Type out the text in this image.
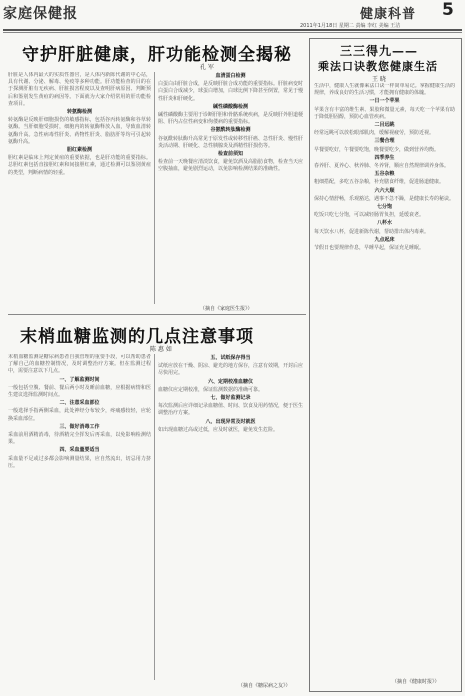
家庭保健报	健康科普 5
2011年1月18日 星期二 责编 李红 美编 王洁
守护肝脏健康，肝功能检测全揭秘
孔 军
肝脏是人体内最大的实质性器官，是人体内新陈代谢的中心站，具有代谢、分泌、解毒、免疫等多种功能。肝功能检查的目的在于探测肝脏有无疾病、肝脏损害程度以及查明肝病原因、判断预后和鉴别发生黄疸的病因等。下面就为大家介绍常用的肝功能检查项目。
转氨酶检测
转氨酶是反映肝细胞损伤的敏感指标，包括谷丙转氨酶和谷草转氨酶。当肝细胞受损时，细胞内的转氨酶释放入血，导致血清转氨酶升高。急性病毒性肝炎、药物性肝炎、脂肪肝等均可引起转氨酶升高。
胆红素检测
胆红素是临床上判定黄疸的重要依据，也是肝功能的重要指标。总胆红素包括直接胆红素和间接胆红素，通过检测可以鉴别黄疸的类型，判断病情的轻重。
血清蛋白检测
白蛋白由肝脏合成，是反映肝脏合成功能的重要指标。肝脏病变时白蛋白合成减少，球蛋白增加，白球比例下降甚至倒置，常见于慢性肝炎和肝硬化。
碱性磷酸酶检测
碱性磷酸酶主要用于诊断肝胆和骨骼系统疾病，是反映肝外胆道梗阻、肝内占位性病变和佝偻病的重要指标。
谷氨酰转肽酶检测
谷氨酰转肽酶升高常见于原发性或转移性肝癌、急性肝炎、慢性肝炎活动期、肝硬化、急性胰腺炎及酒精性肝损伤等。
检查前须知
检查前一天晚餐应清淡饮食，避免饮酒及高脂肪食物，检查当天应空腹抽血，避免剧烈运动，以免影响检测结果的准确性。
（摘自《家庭医生报》）
三三得九——
乘法口诀教您健康生活
王 晓
生活中，健康人生就像乘法口诀一样简单易记。掌握健康生活的规律，养成良好的生活习惯，才能拥有健康的体魄。
一日一个苹果
苹果含有丰富的维生素、果胶和微量元素，每天吃一个苹果有助于降低胆固醇，预防心血管疾病。
二目远眺
经常远眺可以放松眼部肌肉，缓解视疲劳，预防近视。
三餐合理
早餐要吃好，午餐要吃饱，晚餐要吃少，做到营养均衡。
四季养生
春养肝、夏养心、秋养肺、冬养肾，顺应自然规律调养身体。
五谷杂粮
粗细搭配，多吃五谷杂粮，补充膳食纤维，促进肠道健康。
六六大顺
保持心情舒畅，乐观豁达，遇事不急不躁，是健康长寿的秘诀。
七分饱
吃饭只吃七分饱，可以减轻肠胃负担，延缓衰老。
八杯水
每天饮水八杯，促进新陈代谢，帮助排出体内毒素。
九点起床
节假日也要规律作息，早睡早起，保证充足睡眠。
（摘自《健康时报》）
末梢血糖监测的几点注意事项
陈 惠 如
末梢血糖监测是糖尿病患者自我管理的重要手段，可以帮助患者了解自己的血糖控制情况，及时调整治疗方案。但在监测过程中，需要注意以下几点。
一、了解监测时间
一般包括空腹、餐前、餐后两小时及睡前血糖，应根据病情和医生建议选择监测时间点。
二、注意采血部位
一般选择手指两侧采血，此处神经分布较少，疼痛感较轻，应轮换采血部位。
三、做好消毒工作
采血前用酒精消毒，待酒精完全挥发后再采血，以免影响检测结果。
四、采血量要适当
采血量不足或过多都会影响测量结果，应自然流出，切忌用力挤压。
五、试纸保存得当
试纸应放在干燥、阴凉、避光的地方保存，注意有效期，开封后应尽快用完。
六、定期校准血糖仪
血糖仪应定期校准，保证监测数据的准确可靠。
七、做好监测记录
每次监测后应详细记录血糖值、时间、饮食及用药情况，便于医生调整治疗方案。
八、出现异常及时就医
如出现血糖过高或过低，应及时就医，避免发生危险。
（摘自《糖尿病之友》）
